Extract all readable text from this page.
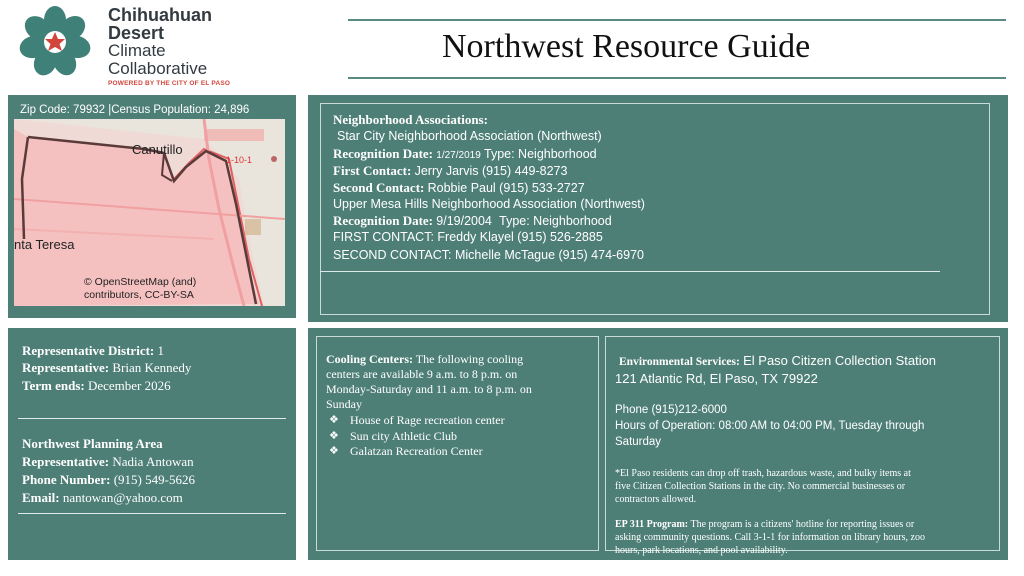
Chihuahuan
Desert
Climate
Collaborative
POWERED BY THE CITY OF EL PASO
Northwest Resource Guide
Zip Code: 79932 |Census Population: 24,896
Canutillo
nta Teresa
1-10-1
© OpenStreetMap (and)
contributors, CC-BY-SA
Neighborhood Associations:
Star City Neighborhood Association (Northwest)
Recognition Date: 1/27/2019 Type: Neighborhood
First Contact: Jerry Jarvis (915) 449-8273
Second Contact: Robbie Paul (915) 533-2727
Upper Mesa Hills Neighborhood Association (Northwest)
Recognition Date: 9/19/2004 Type: Neighborhood
FIRST CONTACT: Freddy Klayel (915) 526-2885
SECOND CONTACT: Michelle McTague (915) 474-6970
Representative District: 1
Representative: Brian Kennedy
Term ends: December 2026
Northwest Planning Area
Representative: Nadia Antowan
Phone Number: (915) 549-5626
Email: nantowan@yahoo.com
Cooling Centers: The following cooling
centers are available 9 a.m. to 8 p.m. on
Monday-Saturday and 11 a.m. to 8 p.m. on
Sunday
❖ House of Rage recreation center
❖ Sun city Athletic Club
❖ Galatzan Recreation Center
Environmental Services: El Paso Citizen Collection Station
121 Atlantic Rd, El Paso, TX 79922
Phone (915)212-6000
Hours of Operation: 08:00 AM to 04:00 PM, Tuesday through
Saturday
*El Paso residents can drop off trash, hazardous waste, and bulky items at
five Citizen Collection Stations in the city. No commercial businesses or
contractors allowed.
EP 311 Program: The program is a citizens' hotline for reporting issues or
asking community questions. Call 3-1-1 for information on library hours, zoo
hours, park locations, and pool availability.
